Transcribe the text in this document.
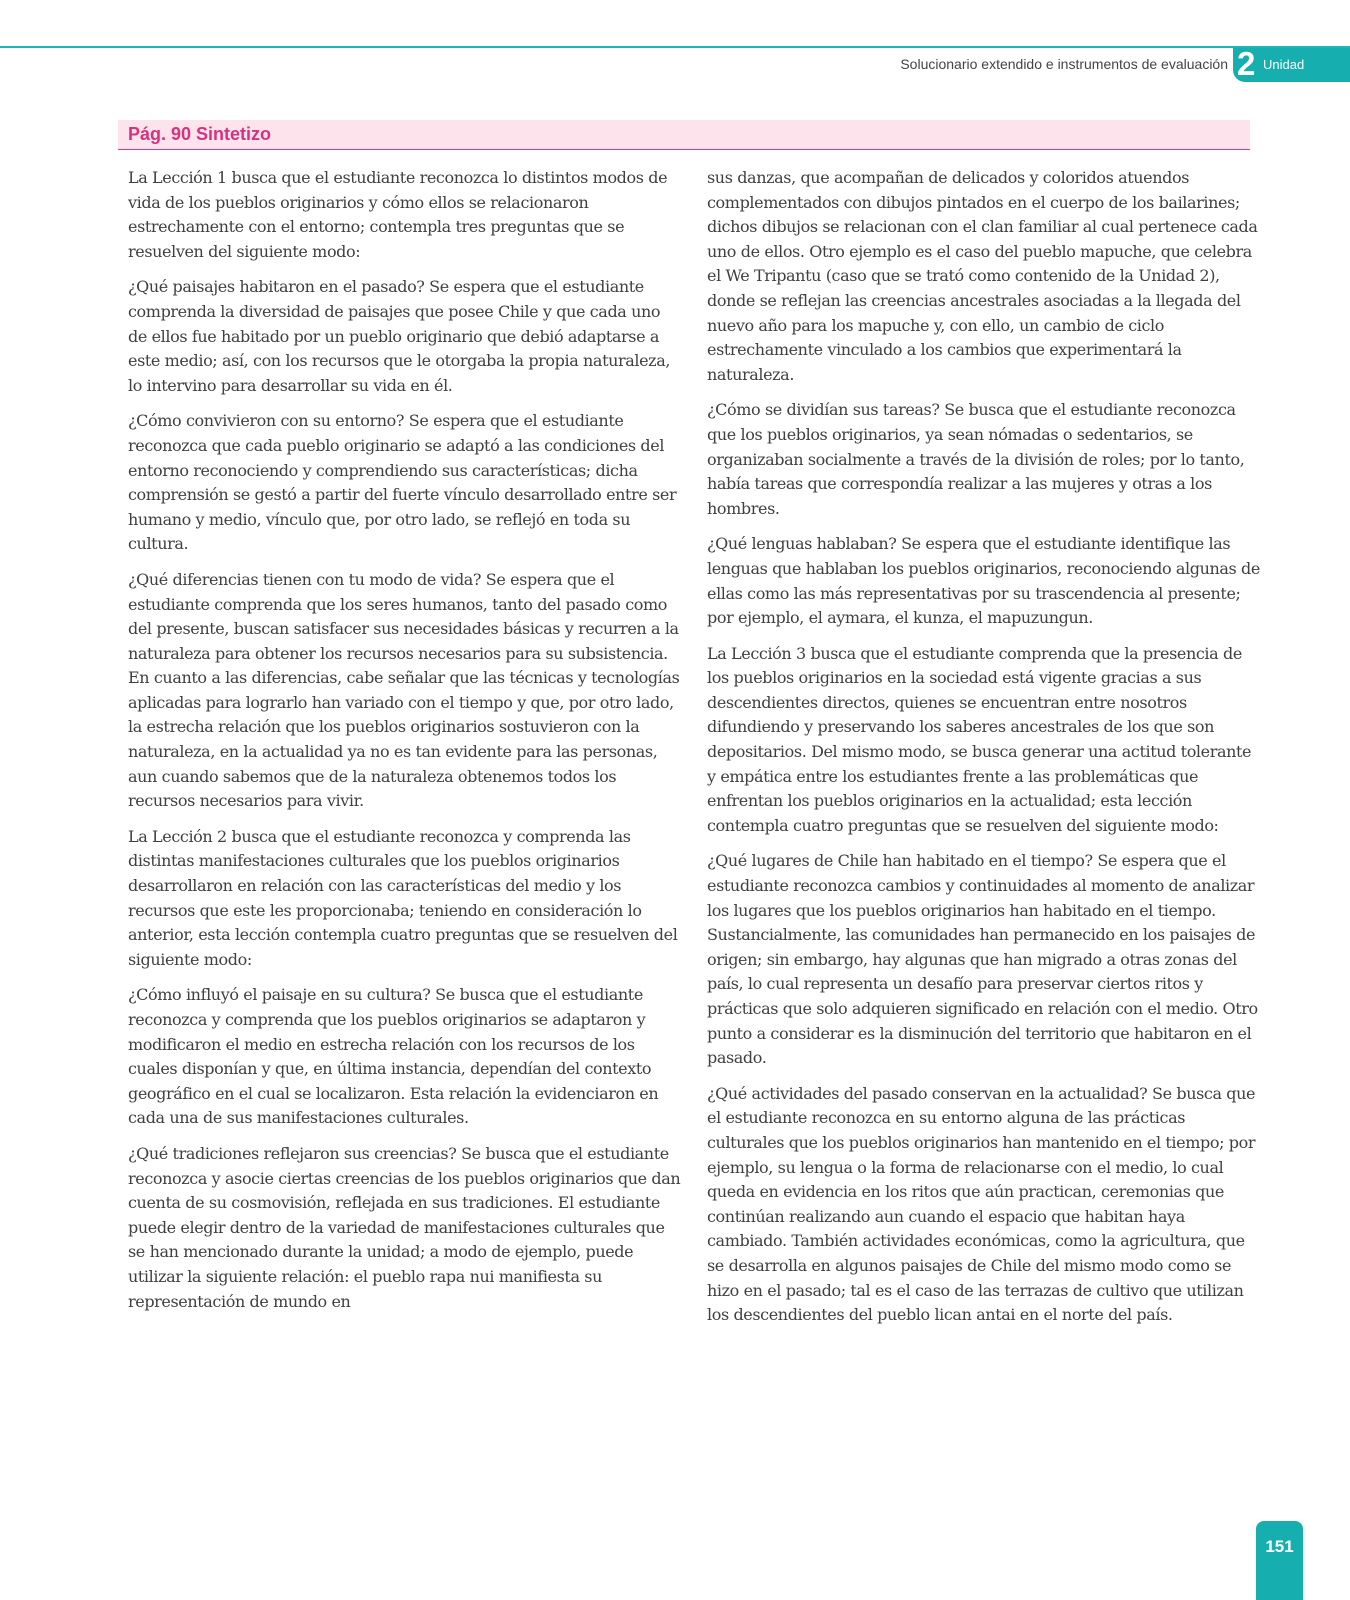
Solucionario extendido e instrumentos de evaluación 2 Unidad
Pág. 90 Sintetizo

La Lección 1 busca que el estudiante reconozca lo distintos modos de vida de los pueblos originarios y cómo ellos se relacionaron estrechamente con el entorno; contempla tres preguntas que se resuelven del siguiente modo:

¿Qué paisajes habitaron en el pasado? Se espera que el estudiante comprenda la diversidad de paisajes que posee Chile y que cada uno de ellos fue habitado por un pueblo originario que debió adaptarse a este medio; así, con los recursos que le otorgaba la propia naturaleza, lo intervino para desarrollar su vida en él.

¿Cómo convivieron con su entorno? Se espera que el estudiante reconozca que cada pueblo originario se adaptó a las condiciones del entorno reconociendo y comprendiendo sus características; dicha comprensión se gestó a partir del fuerte vínculo desarrollado entre ser humano y medio, vínculo que, por otro lado, se reflejó en toda su cultura.

¿Qué diferencias tienen con tu modo de vida? Se espera que el estudiante comprenda que los seres humanos, tanto del pasado como del presente, buscan satisfacer sus necesidades básicas y recurren a la naturaleza para obtener los recursos necesarios para su subsistencia. En cuanto a las diferencias, cabe señalar que las técnicas y tecnologías aplicadas para lograrlo han variado con el tiempo y que, por otro lado, la estrecha relación que los pueblos originarios sostuvieron con la naturaleza, en la actualidad ya no es tan evidente para las personas, aun cuando sabemos que de la naturaleza obtenemos todos los recursos necesarios para vivir.

La Lección 2 busca que el estudiante reconozca y comprenda las distintas manifestaciones culturales que los pueblos originarios desarrollaron en relación con las características del medio y los recursos que este les proporcionaba; teniendo en consideración lo anterior, esta lección contempla cuatro preguntas que se resuelven del siguiente modo:

¿Cómo influyó el paisaje en su cultura? Se busca que el estudiante reconozca y comprenda que los pueblos originarios se adaptaron y modificaron el medio en estrecha relación con los recursos de los cuales disponían y que, en última instancia, dependían del contexto geográfico en el cual se localizaron. Esta relación la evidenciaron en cada una de sus manifestaciones culturales.

¿Qué tradiciones reflejaron sus creencias? Se busca que el estudiante reconozca y asocie ciertas creencias de los pueblos originarios que dan cuenta de su cosmovisión, reflejada en sus tradiciones. El estudiante puede elegir dentro de la variedad de manifestaciones culturales que se han mencionado durante la unidad; a modo de ejemplo, puede utilizar la siguiente relación: el pueblo rapa nui manifiesta su representación de mundo en

sus danzas, que acompañan de delicados y coloridos atuendos complementados con dibujos pintados en el cuerpo de los bailarines; dichos dibujos se relacionan con el clan familiar al cual pertenece cada uno de ellos. Otro ejemplo es el caso del pueblo mapuche, que celebra el We Tripantu (caso que se trató como contenido de la Unidad 2), donde se reflejan las creencias ancestrales asociadas a la llegada del nuevo año para los mapuche y, con ello, un cambio de ciclo estrechamente vinculado a los cambios que experimentará la naturaleza.

¿Cómo se dividían sus tareas? Se busca que el estudiante reconozca que los pueblos originarios, ya sean nómadas o sedentarios, se organizaban socialmente a través de la división de roles; por lo tanto, había tareas que correspondía realizar a las mujeres y otras a los hombres.

¿Qué lenguas hablaban? Se espera que el estudiante identifique las lenguas que hablaban los pueblos originarios, reconociendo algunas de ellas como las más representativas por su trascendencia al presente; por ejemplo, el aymara, el kunza, el mapuzungun.

La Lección 3 busca que el estudiante comprenda que la presencia de los pueblos originarios en la sociedad está vigente gracias a sus descendientes directos, quienes se encuentran entre nosotros difundiendo y preservando los saberes ancestrales de los que son depositarios. Del mismo modo, se busca generar una actitud tolerante y empática entre los estudiantes frente a las problemáticas que enfrentan los pueblos originarios en la actualidad; esta lección contempla cuatro preguntas que se resuelven del siguiente modo:

¿Qué lugares de Chile han habitado en el tiempo? Se espera que el estudiante reconozca cambios y continuidades al momento de analizar los lugares que los pueblos originarios han habitado en el tiempo. Sustancialmente, las comunidades han permanecido en los paisajes de origen; sin embargo, hay algunas que han migrado a otras zonas del país, lo cual representa un desafío para preservar ciertos ritos y prácticas que solo adquieren significado en relación con el medio. Otro punto a considerar es la disminución del territorio que habitaron en el pasado.

¿Qué actividades del pasado conservan en la actualidad? Se busca que el estudiante reconozca en su entorno alguna de las prácticas culturales que los pueblos originarios han mantenido en el tiempo; por ejemplo, su lengua o la forma de relacionarse con el medio, lo cual queda en evidencia en los ritos que aún practican, ceremonias que continúan realizando aun cuando el espacio que habitan haya cambiado. También actividades económicas, como la agricultura, que se desarrolla en algunos paisajes de Chile del mismo modo como se hizo en el pasado; tal es el caso de las terrazas de cultivo que utilizan los descendientes del pueblo lican antai en el norte del país.

151
